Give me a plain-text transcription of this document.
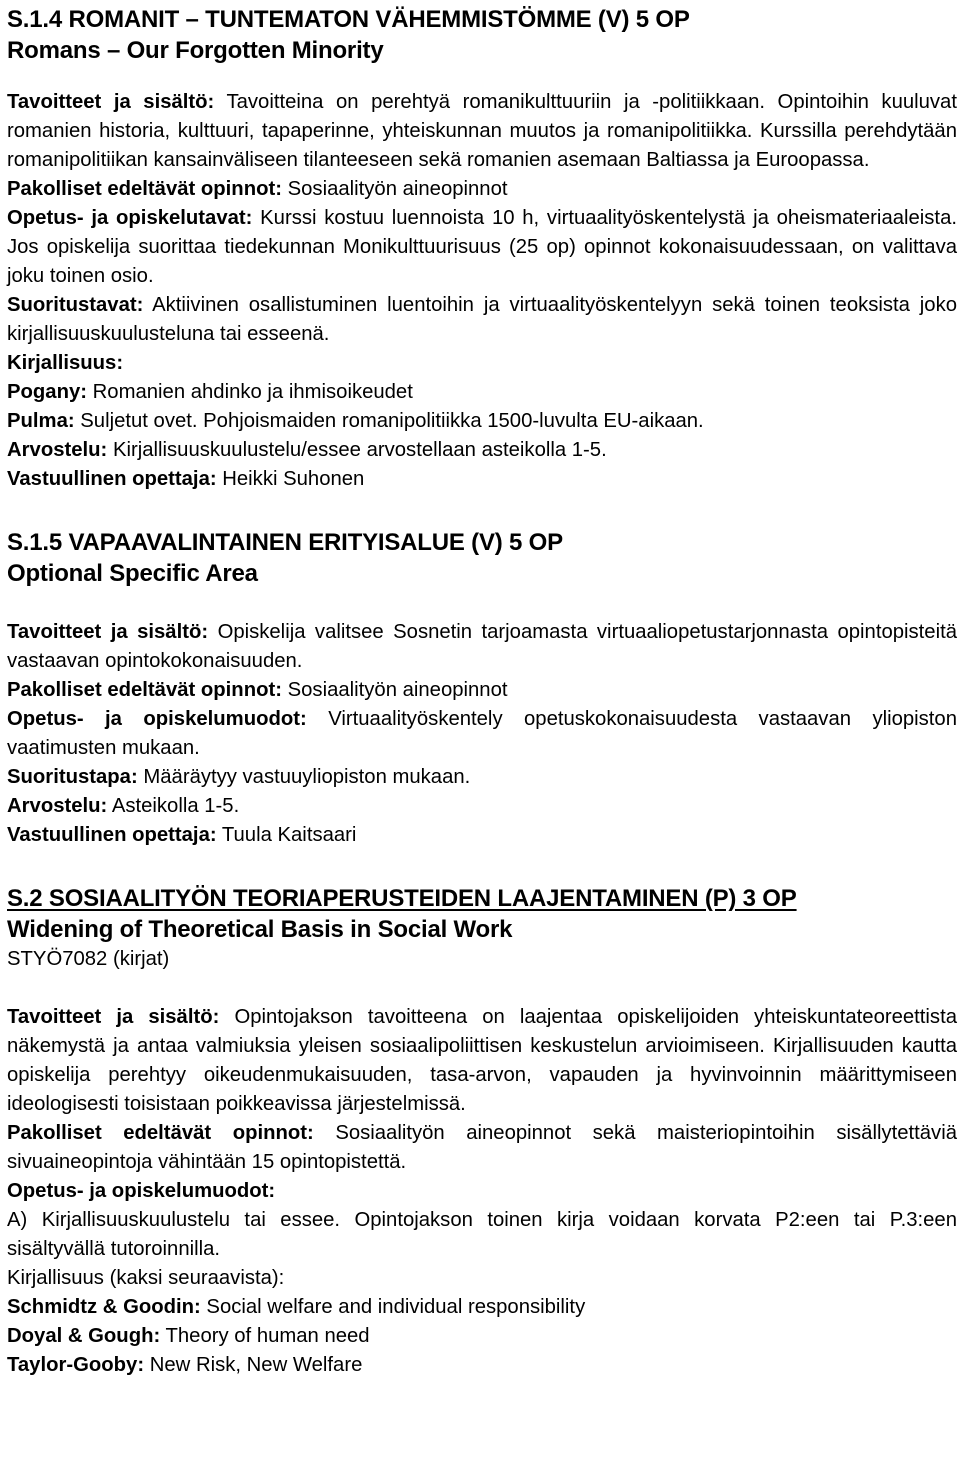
S.1.4 ROMANIT – TUNTEMATON VÄHEMMISTÖMME (V) 5 OP
Romans – Our Forgotten Minority

Tavoitteet ja sisältö: Tavoitteina on perehtyä romanikulttuuriin ja -politiikkaan. Opintoihin kuuluvat romanien historia, kulttuuri, tapaperinne, yhteiskunnan muutos ja romanipolitiikka. Kurssilla perehdytään romanipolitiikan kansainväliseen tilanteeseen sekä romanien asemaan Baltiassa ja Euroopassa.

Pakolliset edeltävät opinnot: Sosiaalityön aineopinnot

Opetus- ja opiskelutavat: Kurssi kostuu luennoista 10 h, virtuaalityöskentelystä ja oheismateriaaleista. Jos opiskelija suorittaa tiedekunnan Monikulttuurisuus (25 op) opinnot kokonaisuudessaan, on valittava joku toinen osio.

Suoritustavat: Aktiivinen osallistuminen luentoihin ja virtuaalityöskentelyyn sekä toinen teoksista joko kirjallisuuskuulusteluna tai esseenä.

Kirjallisuus:

Pogany: Romanien ahdinko ja ihmisoikeudet

Pulma: Suljetut ovet. Pohjoismaiden romanipolitiikka 1500-luvulta EU-aikaan.

Arvostelu: Kirjallisuuskuulustelu/essee arvostellaan asteikolla 1-5.

Vastuullinen opettaja: Heikki Suhonen

S.1.5 VAPAAVALINTAINEN ERITYISALUE (V) 5 OP
Optional Specific Area

Tavoitteet ja sisältö: Opiskelija valitsee Sosnetin tarjoamasta virtuaaliopetustarjonnasta opintopisteitä vastaavan opintokokonaisuuden.

Pakolliset edeltävät opinnot: Sosiaalityön aineopinnot

Opetus- ja opiskelumuodot: Virtuaalityöskentely opetuskokonaisuudesta vastaavan yliopiston vaatimusten mukaan.

Suoritustapa: Määräytyy vastuuyliopiston mukaan.

Arvostelu: Asteikolla 1-5.

Vastuullinen opettaja: Tuula Kaitsaari

S.2 SOSIAALITYÖN TEORIAPERUSTEIDEN LAAJENTAMINEN (P) 3 OP
Widening of Theoretical Basis in Social Work

STYÖ7082 (kirjat)

Tavoitteet ja sisältö: Opintojakson tavoitteena on laajentaa opiskelijoiden yhteiskuntateoreettista näkemystä ja antaa valmiuksia yleisen sosiaalipoliittisen keskustelun arvioimiseen. Kirjallisuuden kautta opiskelija perehtyy oikeudenmukaisuuden, tasa-arvon, vapauden ja hyvinvoinnin määrittymiseen ideologisesti toisistaan poikkeavissa järjestelmissä.

Pakolliset edeltävät opinnot: Sosiaalityön aineopinnot sekä maisteriopintoihin sisällytettäviä sivuaineopintoja vähintään 15 opintopistettä.

Opetus- ja opiskelumuodot:

A) Kirjallisuuskuulustelu tai essee. Opintojakson toinen kirja voidaan korvata P2:een tai P.3:een sisältyvällä tutoroinnilla.

Kirjallisuus (kaksi seuraavista):

Schmidtz & Goodin: Social welfare and individual responsibility

Doyal & Gough: Theory of human need

Taylor-Gooby: New Risk, New Welfare
